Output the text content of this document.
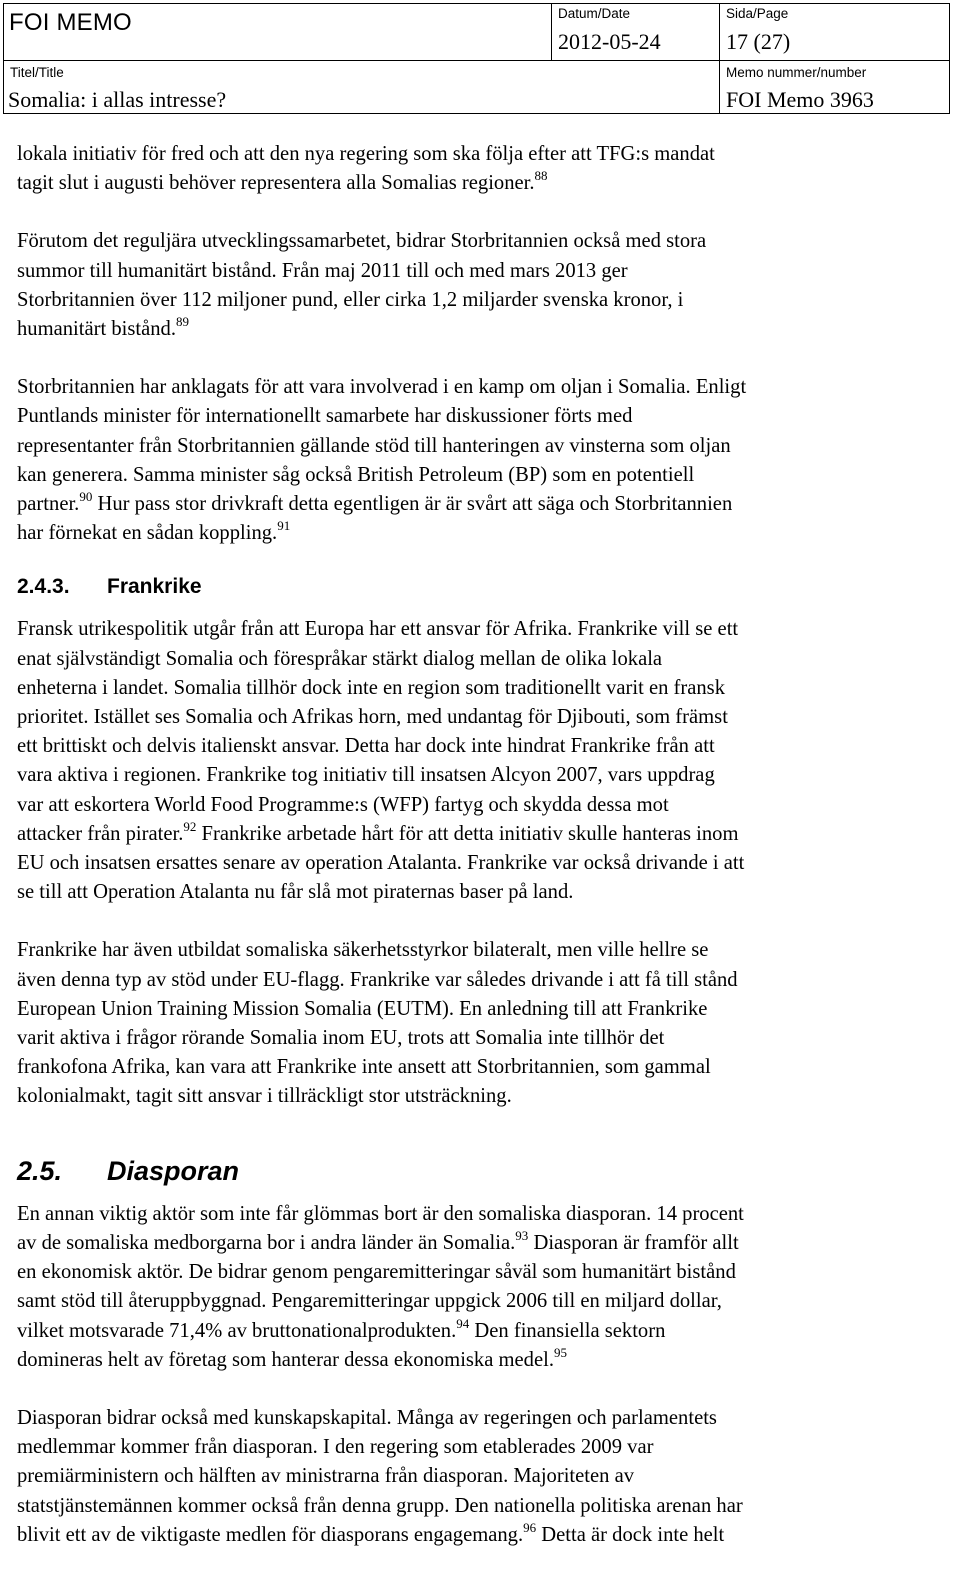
FOI MEMO	Datum/Date
2012-05-24
Sida/Page
17 (27)
Titel/Title
Somalia: i allas intresse?
Memo nummer/number
FOI Memo 3963

lokala initiativ för fred och att den nya regering som ska följa efter att TFG:s mandat
tagit slut i augusti behöver representera alla Somalias regioner.$^{88}$

Förutom det reguljära utvecklingssamarbetet, bidrar Storbritannien också med stora
summor till humanitärt bistånd. Från maj 2011 till och med mars 2013 ger
Storbritannien över 112 miljoner pund, eller cirka 1,2 miljarder svenska kronor, i
humanitärt bistånd.$^{89}$

Storbritannien har anklagats för att vara involverad i en kamp om oljan i Somalia. Enligt
Puntlands minister för internationellt samarbete har diskussioner förts med
representanter från Storbritannien gällande stöd till hanteringen av vinsterna som oljan
kan generera. Samma minister såg också British Petroleum (BP) som en potentiell
partner.$^{90}$ Hur pass stor drivkraft detta egentligen är är svårt att säga och Storbritannien
har förnekat en sådan koppling.$^{91}$

2.4.3. Frankrike

Fransk utrikespolitik utgår från att Europa har ett ansvar för Afrika. Frankrike vill se ett
enat självständigt Somalia och förespråkar stärkt dialog mellan de olika lokala
enheterna i landet. Somalia tillhör dock inte en region som traditionellt varit en fransk
prioritet. Istället ses Somalia och Afrikas horn, med undantag för Djibouti, som främst
ett brittiskt och delvis italienskt ansvar. Detta har dock inte hindrat Frankrike från att
vara aktiva i regionen. Frankrike tog initiativ till insatsen Alcyon 2007, vars uppdrag
var att eskortera World Food Programme:s (WFP) fartyg och skydda dessa mot
attacker från pirater.$^{92}$ Frankrike arbetade hårt för att detta initiativ skulle hanteras inom
EU och insatsen ersattes senare av operation Atalanta. Frankrike var också drivande i att
se till att Operation Atalanta nu får slå mot piraternas baser på land.

Frankrike har även utbildat somaliska säkerhetsstyrkor bilateralt, men ville hellre se
även denna typ av stöd under EU-flagg. Frankrike var således drivande i att få till stånd
European Union Training Mission Somalia (EUTM). En anledning till att Frankrike
varit aktiva i frågor rörande Somalia inom EU, trots att Somalia inte tillhör det
frankofona Afrika, kan vara att Frankrike inte ansett att Storbritannien, som gammal
kolonialmakt, tagit sitt ansvar i tillräckligt stor utsträckning.

2.5. Diasporan

En annan viktig aktör som inte får glömmas bort är den somaliska diasporan. 14 procent
av de somaliska medborgarna bor i andra länder än Somalia.$^{93}$ Diasporan är framför allt
en ekonomisk aktör. De bidrar genom pengaremitteringar såväl som humanitärt bistånd
samt stöd till återuppbyggnad. Pengaremitteringar uppgick 2006 till en miljard dollar,
vilket motsvarade 71,4% av bruttonationalprodukten.$^{94}$ Den finansiella sektorn
domineras helt av företag som hanterar dessa ekonomiska medel.$^{95}$

Diasporan bidrar också med kunskapskapital. Många av regeringen och parlamentets
medlemmar kommer från diasporan. I den regering som etablerades 2009 var
premiärministern och hälften av ministrarna från diasporan. Majoriteten av
statstjänstemännen kommer också från denna grupp. Den nationella politiska arenan har
blivit ett av de viktigaste medlen för diasporans engagemang.$^{96}$ Detta är dock inte helt
